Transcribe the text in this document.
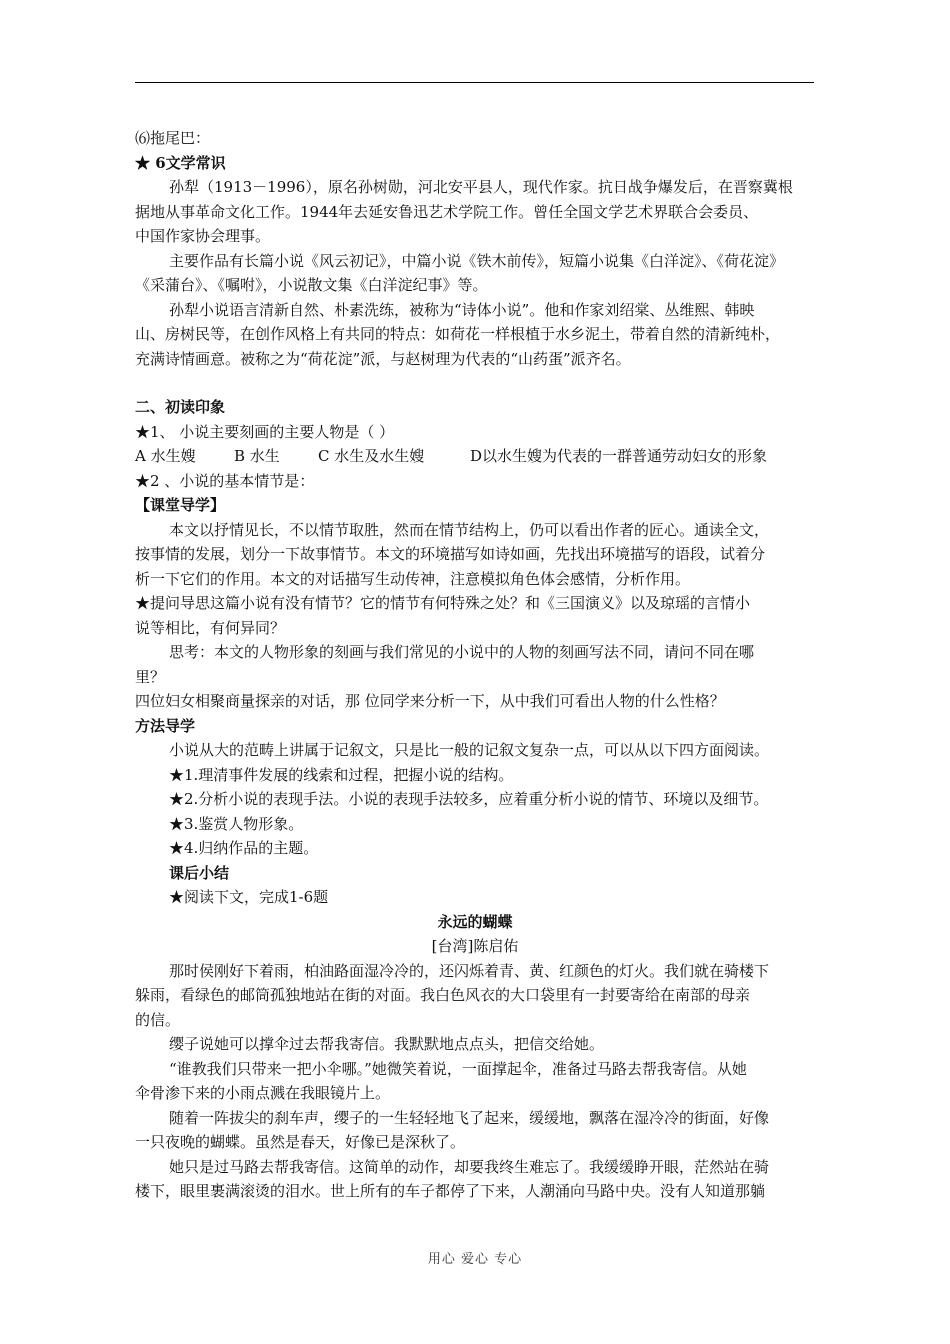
⑹拖尾巴：
★ 6文学常识
孙犁（1913－1996），原名孙树勋，河北安平县人，现代作家。抗日战争爆发后，在晋察冀根
据地从事革命文化工作。1944年去延安鲁迅艺术学院工作。曾任全国文学艺术界联合会委员、
中国作家协会理事。
主要作品有长篇小说《风云初记》，中篇小说《铁木前传》，短篇小说集《白洋淀》、《荷花淀》
《采蒲台》、《嘱咐》，小说散文集《白洋淀纪事》等。
孙犁小说语言清新自然、朴素洗练，被称为“诗体小说”。他和作家刘绍棠、丛维熙、韩映
山、房树民等，在创作风格上有共同的特点：如荷花一样根植于水乡泥土，带着自然的清新纯朴，
充满诗情画意。被称之为“荷花淀”派，与赵树理为代表的“山药蛋”派齐名。
二、初读印象
★1、 小说主要刻画的主要人物是（ ）
A 水生嫂	B 水生	C 水生及水生嫂	D以水生嫂为代表的一群普通劳动妇女的形象
★2 、小说的基本情节是：
【课堂导学】
本文以抒情见长，不以情节取胜，然而在情节结构上，仍可以看出作者的匠心。通读全文，
按事情的发展，划分一下故事情节。本文的环境描写如诗如画，先找出环境描写的语段，试着分
析一下它们的作用。本文的对话描写生动传神，注意模拟角色体会感情，分析作用。
★提问导思这篇小说有没有情节？它的情节有何特殊之处？和《三国演义》以及琼瑶的言情小
说等相比，有何异同？
思考：本文的人物形象的刻画与我们常见的小说中的人物的刻画写法不同，请问不同在哪
里？
四位妇女相聚商量探亲的对话，那 位同学来分析一下，从中我们可看出人物的什么性格？
方法导学
小说从大的范畴上讲属于记叙文，只是比一般的记叙文复杂一点，可以从以下四方面阅读。
★1.理清事件发展的线索和过程，把握小说的结构。
★2.分析小说的表现手法。小说的表现手法较多，应着重分析小说的情节、环境以及细节。
★3.鉴赏人物形象。
★4.归纳作品的主题。
课后小结
★阅读下文，完成1-6题
永远的蝴蝶
[台湾]陈启佑
那时侯刚好下着雨，柏油路面湿冷冷的，还闪烁着青、黄、红颜色的灯火。我们就在骑楼下
躲雨，看绿色的邮筒孤独地站在街的对面。我白色风衣的大口袋里有一封要寄给在南部的母亲
的信。
缨子说她可以撑伞过去帮我寄信。我默默地点点头，把信交给她。
“谁教我们只带来一把小伞哪。”她微笑着说，一面撑起伞，准备过马路去帮我寄信。从她
伞骨渗下来的小雨点溅在我眼镜片上。
随着一阵拔尖的刹车声，缨子的一生轻轻地飞了起来，缓缓地，飘落在湿冷冷的街面，好像
一只夜晚的蝴蝶。虽然是春天，好像已是深秋了。
她只是过马路去帮我寄信。这简单的动作，却要我终生难忘了。我缓缓睁开眼，茫然站在骑
楼下，眼里裹满滚烫的泪水。世上所有的车子都停了下来，人潮涌向马路中央。没有人知道那躺
用心 爱心 专心
